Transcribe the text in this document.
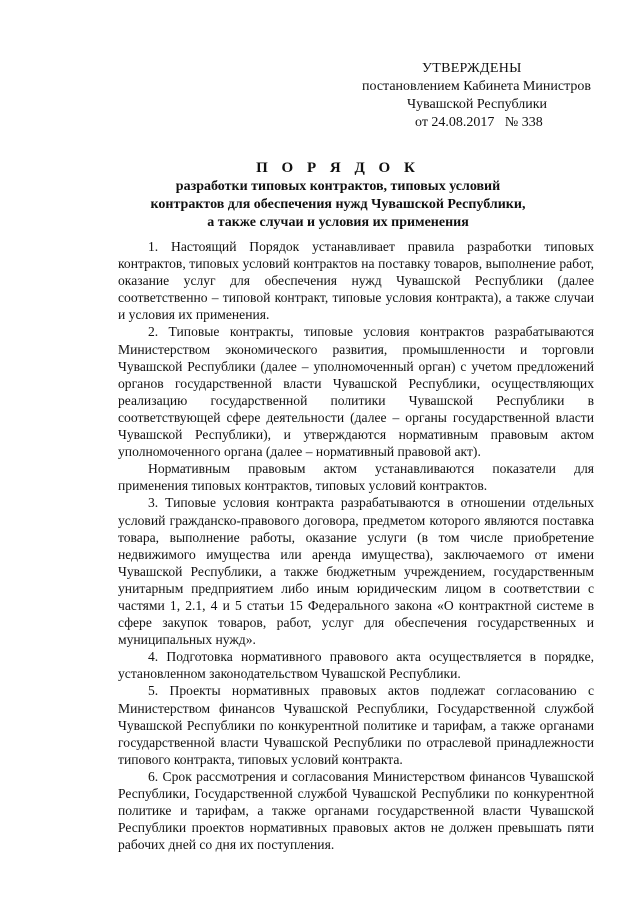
УТВЕРЖДЕНЫ
постановлением Кабинета Министров
Чувашской Республики
от 24.08.2017   № 338
П О Р Я Д О К
разработки типовых контрактов, типовых условий
контрактов для обеспечения нужд Чувашской Республики,
а также случаи и условия их применения

1. Настоящий Порядок устанавливает правила разработки типовых контрактов, типовых условий контрактов на поставку товаров, выполнение работ, оказание услуг для обеспечения нужд Чувашской Республики (далее соответственно – типовой контракт, типовые условия контракта), а также случаи и условия их применения.

2. Типовые контракты, типовые условия контрактов разрабатываются Министерством экономического развития, промышленности и торговли Чувашской Республики (далее – уполномоченный орган) с учетом предложений органов государственной власти Чувашской Республики, осуществляющих реализацию государственной политики Чувашской Республики в соответствующей сфере деятельности (далее – органы государственной власти Чувашской Республики), и утверждаются нормативным правовым актом уполномоченного органа (далее – нормативный правовой акт).

Нормативным правовым актом устанавливаются показатели для применения типовых контрактов, типовых условий контрактов.

3. Типовые условия контракта разрабатываются в отношении отдельных условий гражданско-правового договора, предметом которого являются поставка товара, выполнение работы, оказание услуги (в том числе приобретение недвижимого имущества или аренда имущества), заключаемого от имени Чувашской Республики, а также бюджетным учреждением, государственным унитарным предприятием либо иным юридическим лицом в соответствии с частями 1, 2.1, 4 и 5 статьи 15 Федерального закона «О контрактной системе в сфере закупок товаров, работ, услуг для обеспечения государственных и муниципальных нужд».

4. Подготовка нормативного правового акта осуществляется в порядке, установленном законодательством Чувашской Республики.

5. Проекты нормативных правовых актов подлежат согласованию с Министерством финансов Чувашской Республики, Государственной службой Чувашской Республики по конкурентной политике и тарифам, а также органами государственной власти Чувашской Республики по отраслевой принадлежности типового контракта, типовых условий контракта.

6. Срок рассмотрения и согласования Министерством финансов Чувашской Республики, Государственной службой Чувашской Республики по конкурентной политике и тарифам, а также органами государственной власти Чувашской Республики проектов нормативных правовых актов не должен превышать пяти рабочих дней со дня их поступления.
